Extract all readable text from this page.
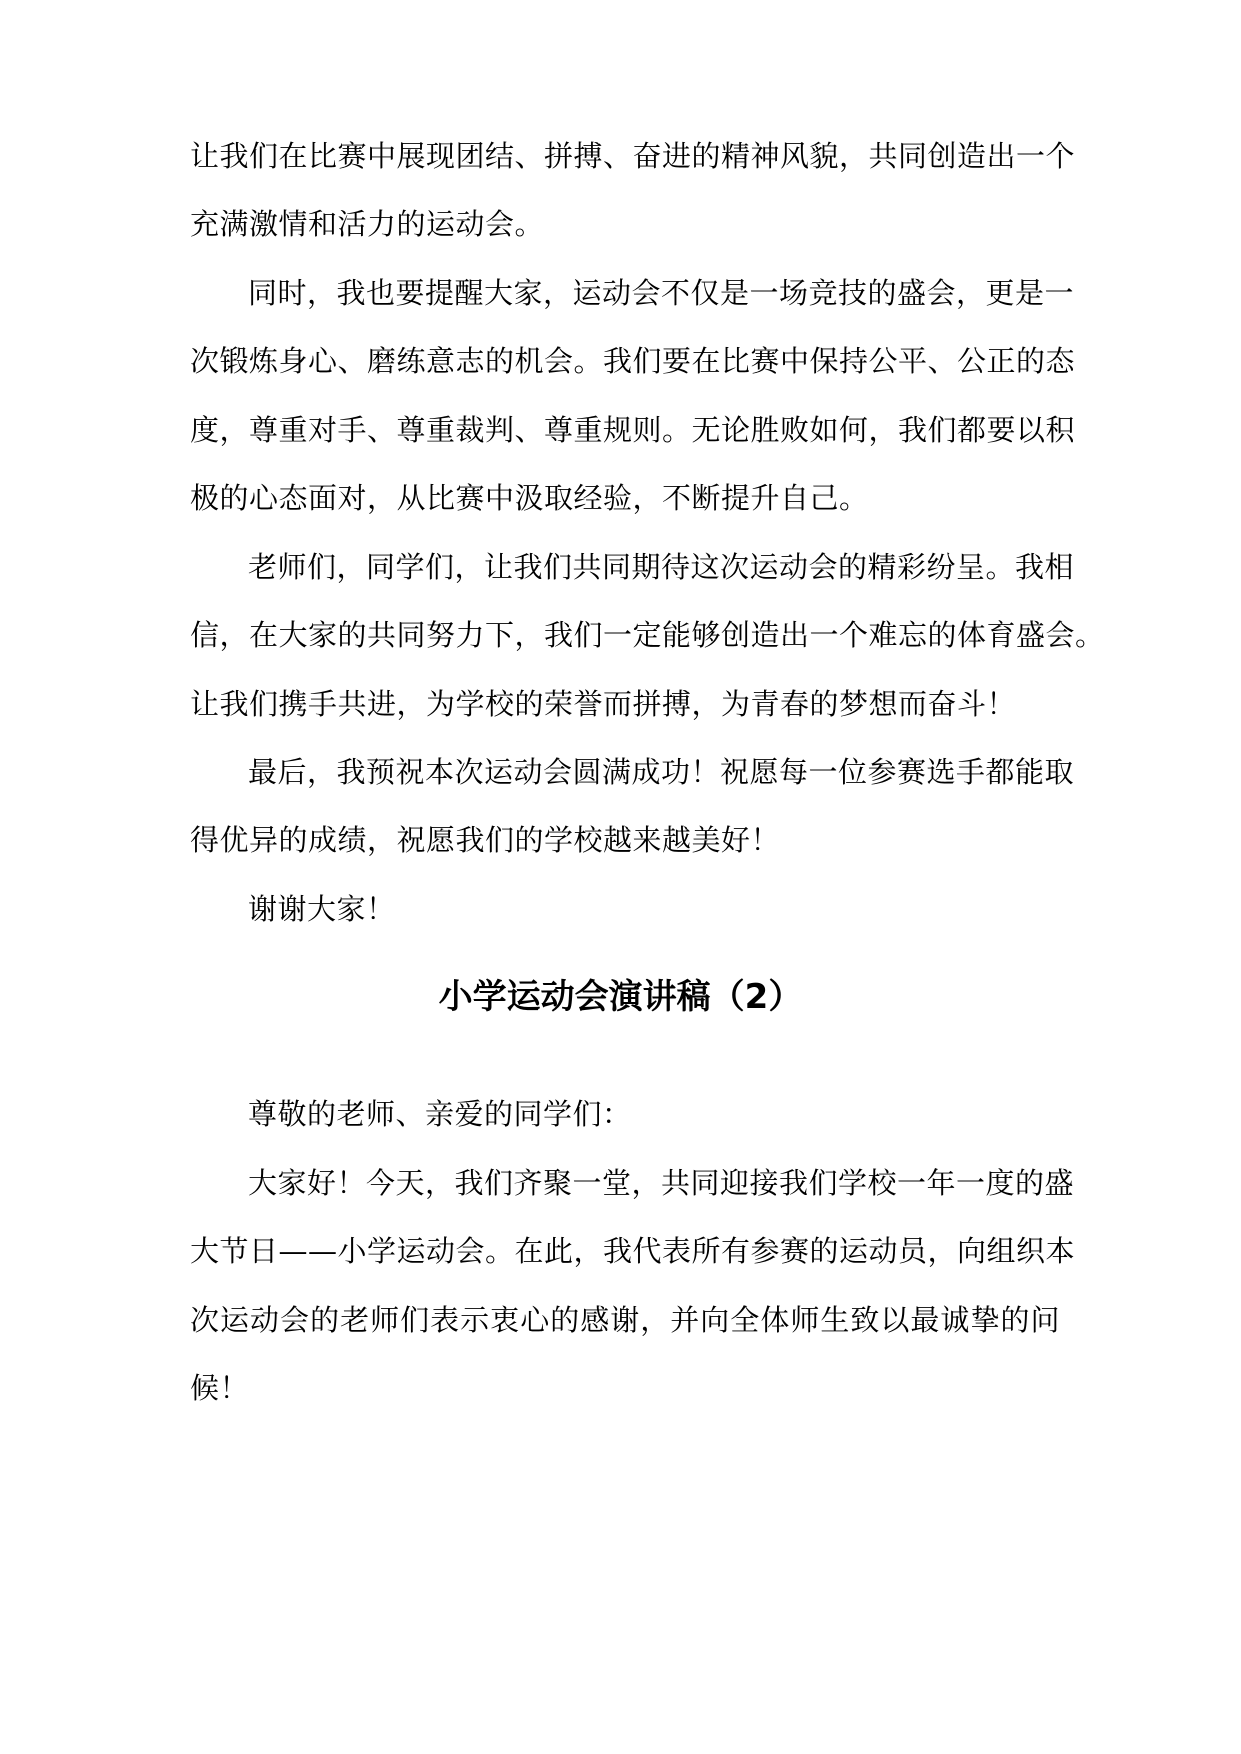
让我们在比赛中展现团结、拼搏、奋进的精神风貌，共同创造出一个
充满激情和活力的运动会。
同时，我也要提醒大家，运动会不仅是一场竞技的盛会，更是一
次锻炼身心、磨练意志的机会。我们要在比赛中保持公平、公正的态
度，尊重对手、尊重裁判、尊重规则。无论胜败如何，我们都要以积
极的心态面对，从比赛中汲取经验，不断提升自己。
老师们，同学们，让我们共同期待这次运动会的精彩纷呈。我相
信，在大家的共同努力下，我们一定能够创造出一个难忘的体育盛会。
让我们携手共进，为学校的荣誉而拼搏，为青春的梦想而奋斗！
最后，我预祝本次运动会圆满成功！祝愿每一位参赛选手都能取
得优异的成绩，祝愿我们的学校越来越美好！
谢谢大家！
小学运动会演讲稿（2）
尊敬的老师、亲爱的同学们：
大家好！今天，我们齐聚一堂，共同迎接我们学校一年一度的盛
大节日——小学运动会。在此，我代表所有参赛的运动员，向组织本
次运动会的老师们表示衷心的感谢，并向全体师生致以最诚挚的问
候！
